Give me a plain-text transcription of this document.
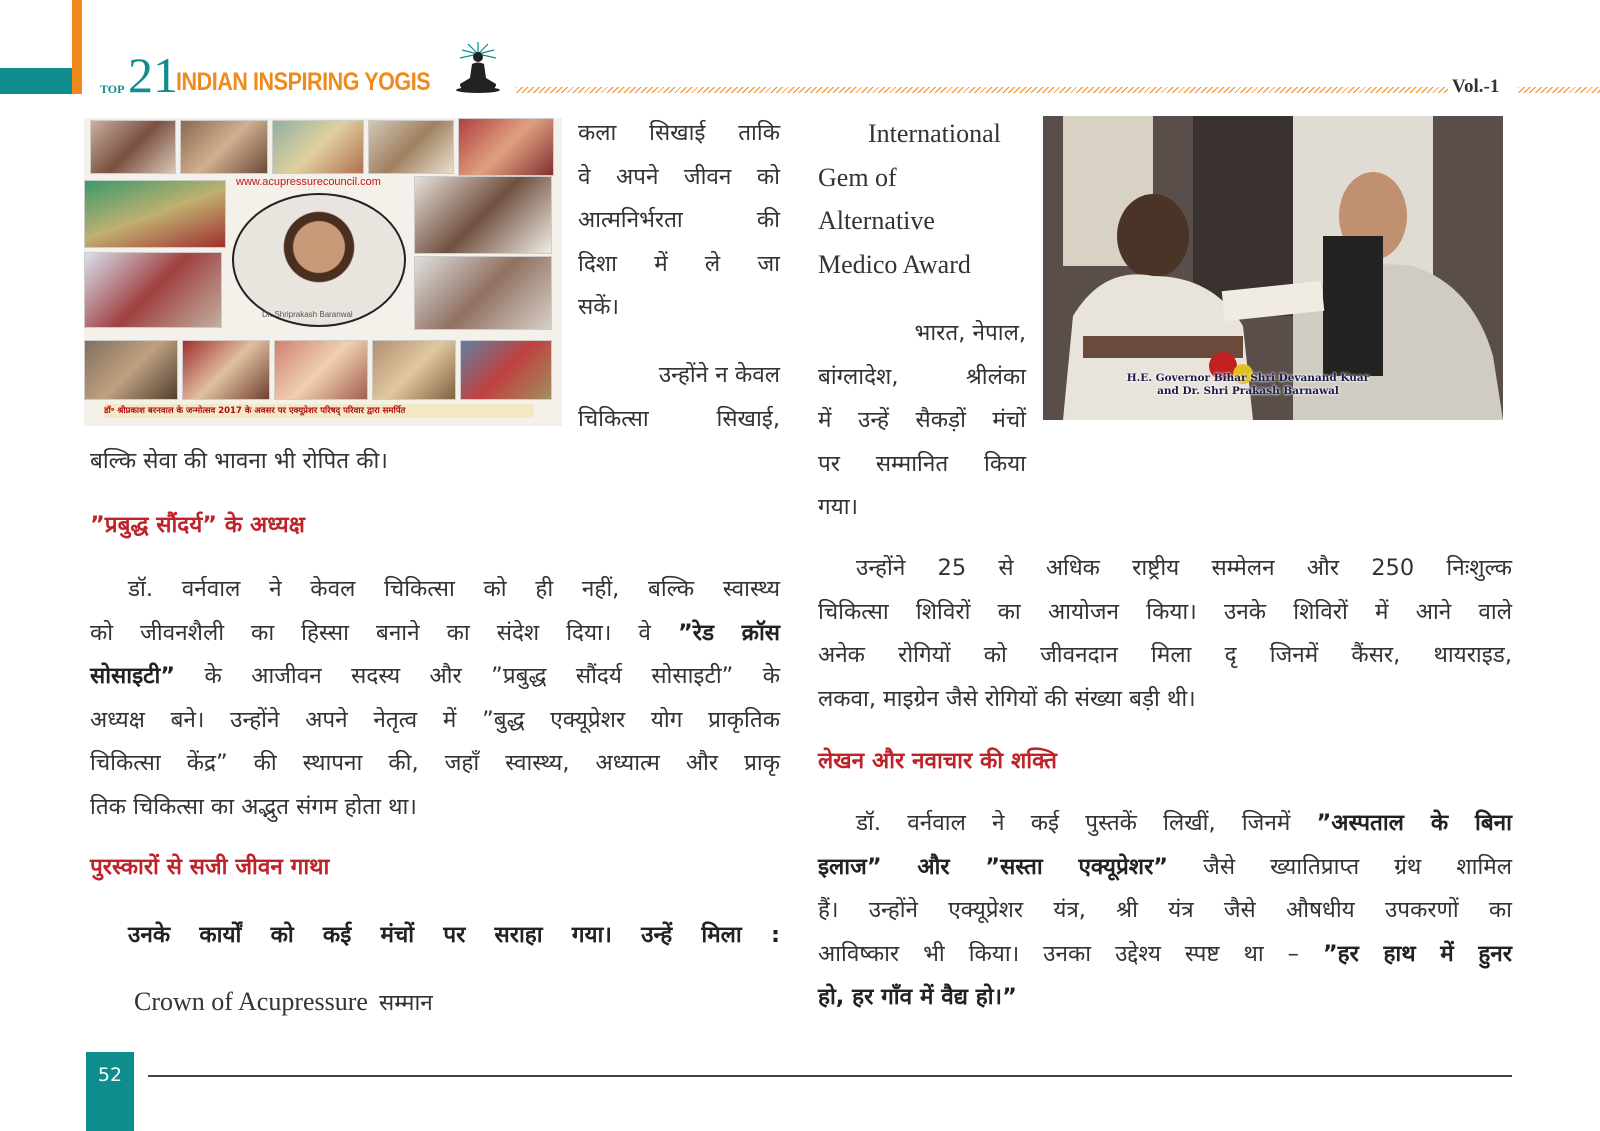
TOP 21
INDIAN INSPIRING YOGIS	Vol.-1
www.acupressurecouncil.com
Dr. Shriprakash Baranwal
डॉ॰ श्रीप्रकाश बरनवाल के जन्मोत्सव 2017 के अवसर पर एक्यूप्रेशर परिषद् परिवार द्वारा समर्पित
कला सिखाई ताकि
वे अपने जीवन को
आत्मनिर्भरता की
दिशा में ले जा
सकें।
उन्होंने न केवल
चिकित्सा सिखाई,
बल्कि सेवा की भावना भी रोपित की।
”प्रबुद्ध सौंदर्य” के अध्यक्ष
डॉ. वर्नवाल ने केवल चिकित्सा को ही नहीं, बल्कि स्वास्थ्य
को जीवनशैली का हिस्सा बनाने का संदेश दिया। वे ”रेड क्रॉस
सोसाइटी” के आजीवन सदस्य और ”प्रबुद्ध सौंदर्य सोसाइटी” के
अध्यक्ष बने। उन्होंने अपने नेतृत्व में ”बुद्ध एक्यूप्रेशर योग प्राकृतिक
चिकित्सा केंद्र” की स्थापना की, जहाँ स्वास्थ्य, अध्यात्म और प्राकृ
तिक चिकित्सा का अद्भुत संगम होता था।
पुरस्कारों से सजी जीवन गाथा
उनके कार्यों को कई मंचों पर सराहा गया। उन्हें मिला :
Crown of Acupressure सम्मान
International
Gem of
Alternative
Medico Award
भारत, नेपाल,
बांग्लादेश, श्रीलंका
में उन्हें सैकड़ों मंचों
पर सम्मानित किया
गया।
H.E. Governor Bihar Shri Devanand Kuar
and Dr. Shri Prakash Barnawal
उन्होंने 25 से अधिक राष्ट्रीय सम्मेलन और 250 निःशुल्क
चिकित्सा शिविरों का आयोजन किया। उनके शिविरों में आने वाले
अनेक रोगियों को जीवनदान मिला दृ जिनमें कैंसर, थायराइड,
लकवा, माइग्रेन जैसे रोगियों की संख्या बड़ी थी।
लेखन और नवाचार की शक्ति
डॉ. वर्नवाल ने कई पुस्तकें लिखीं, जिनमें ”अस्पताल के बिना
इलाज” और ”सस्ता एक्यूप्रेशर” जैसे ख्यातिप्राप्त ग्रंथ शामिल
हैं। उन्होंने एक्यूप्रेशर यंत्र, श्री यंत्र जैसे औषधीय उपकरणों का
आविष्कार भी किया। उनका उद्देश्य स्पष्ट था – ”हर हाथ में हुनर
हो, हर गाँव में वैद्य हो।”
52
